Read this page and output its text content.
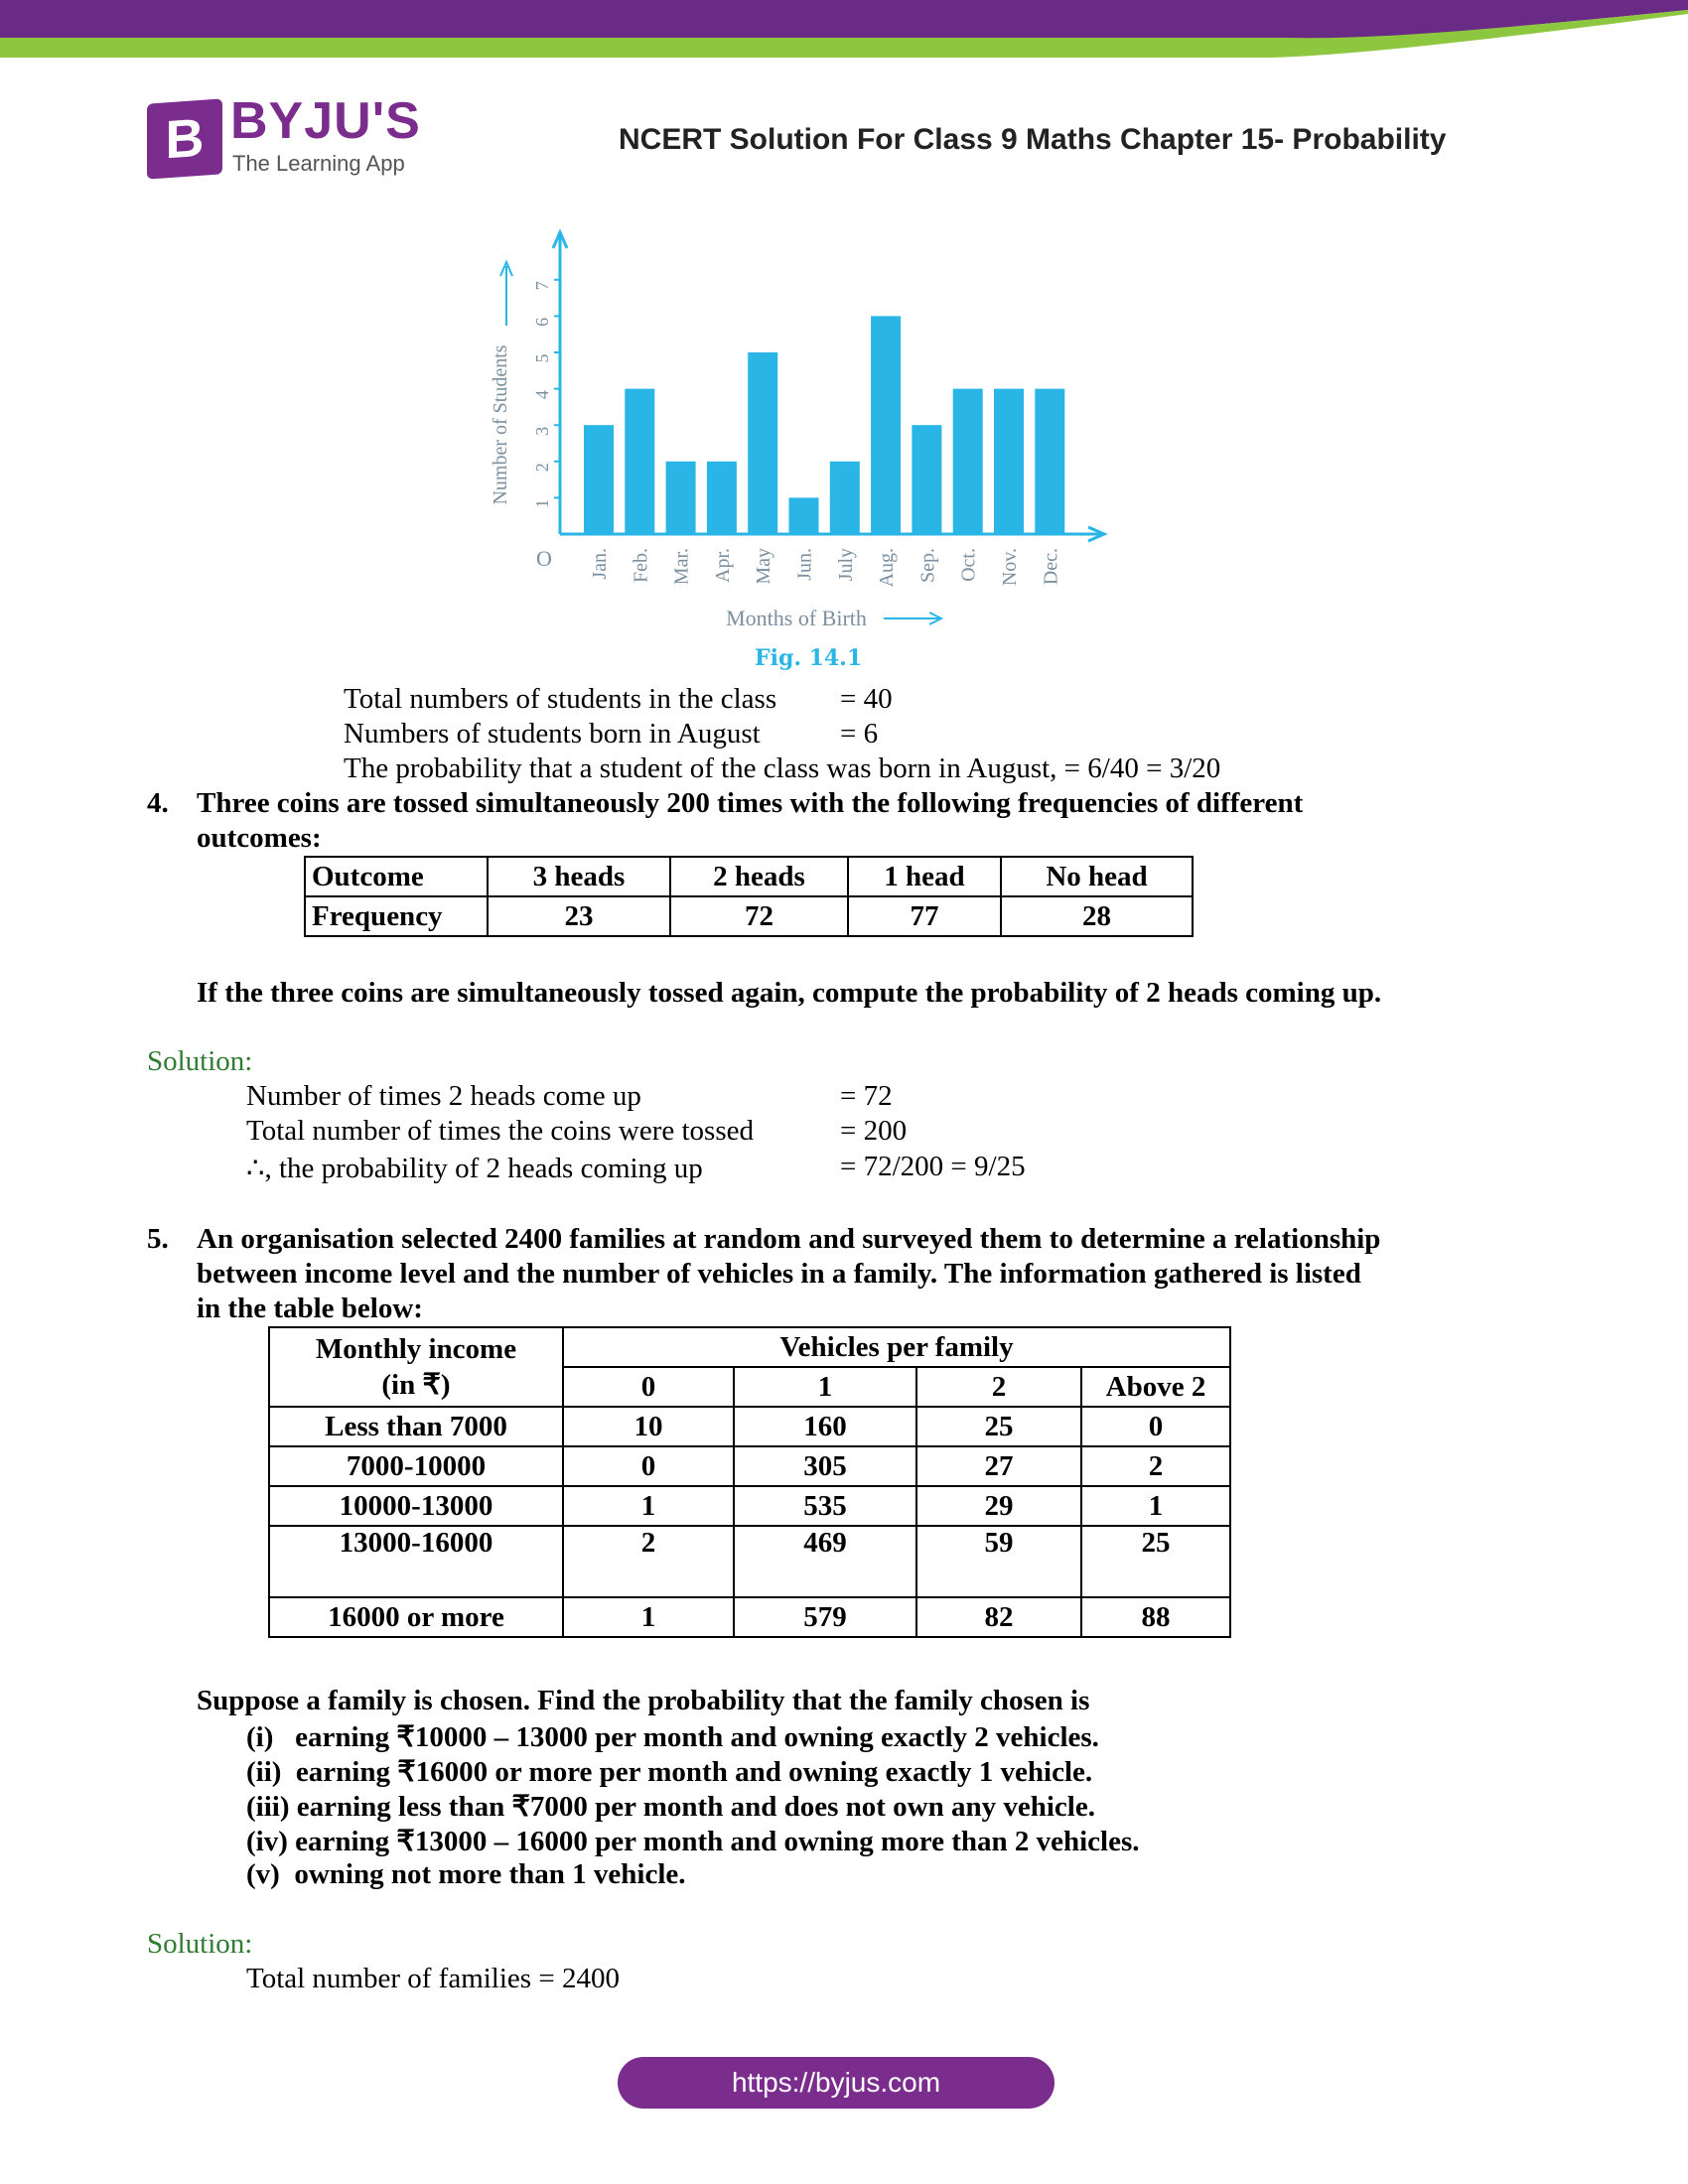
B BYJU'S
The Learning App
NCERT Solution For Class 9 Maths Chapter 15- Probability
1
2
3
4
5
6
7
O
Number of Students
Jan. Feb. Mar. Apr. May Jun. July Aug. Sep. Oct. Nov. Dec.
Months of Birth
Fig. 14.1
Total numbers of students in the class = 40
Numbers of students born in August	= 6
The probability that a student of the class was born in August, = 6/40 = 3/20
4. Three coins are tossed simultaneously 200 times with the following frequencies of different
outcomes:
Outcome	3 heads	2 heads	1 head	No head
Frequency	23	72	77	28
If the three coins are simultaneously tossed again, compute the probability of 2 heads coming up.
Solution:
Number of times 2 heads come up	= 72
Total number of times the coins were tossed	= 200
∴, the probability of 2 heads coming up	= 72/200 = 9/25
5. An organisation selected 2400 families at random and surveyed them to determine a relationship
between income level and the number of vehicles in a family. The information gathered is listed
in the table below:
Monthly income
(in ₹)	Vehicles per family			
	0	1	2	Above 2
Less than 7000	10	160	25	0
7000-10000	0	305	27	2
10000-13000	1	535	29	1
13000-16000	2	469	59	25
16000 or more	1	579	82	88
Suppose a family is chosen. Find the probability that the family chosen is
(i)   earning ₹10000 – 13000 per month and owning exactly 2 vehicles.
(ii)  earning ₹16000 or more per month and owning exactly 1 vehicle.
(iii) earning less than ₹7000 per month and does not own any vehicle.
(iv) earning ₹13000 – 16000 per month and owning more than 2 vehicles.
(v)  owning not more than 1 vehicle.
Solution:
Total number of families = 2400
https://byjus.com
